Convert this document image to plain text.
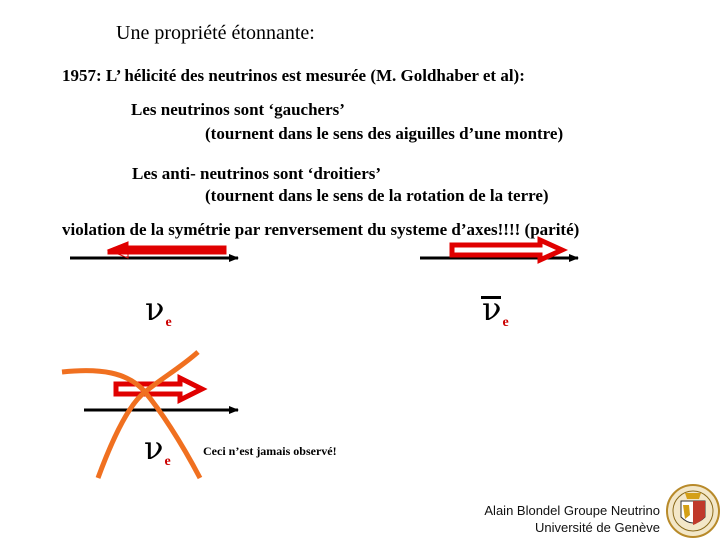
Une propriété étonnante:
1957: L’ hélicité des neutrinos est mesurée (M. Goldhaber et al):
Les neutrinos sont ‘gauchers’
(tournent dans le sens des aiguilles d’une montre)
Les anti- neutrinos sont ‘droitiers’
(tournent dans le sens de la rotation de la terre)
violation de la symétrie par renversement du systeme d’axes!!!! (parité)
νe	νe
νe
Ceci n’est jamais observé!
Alain Blondel Groupe Neutrino
Université de Genève
